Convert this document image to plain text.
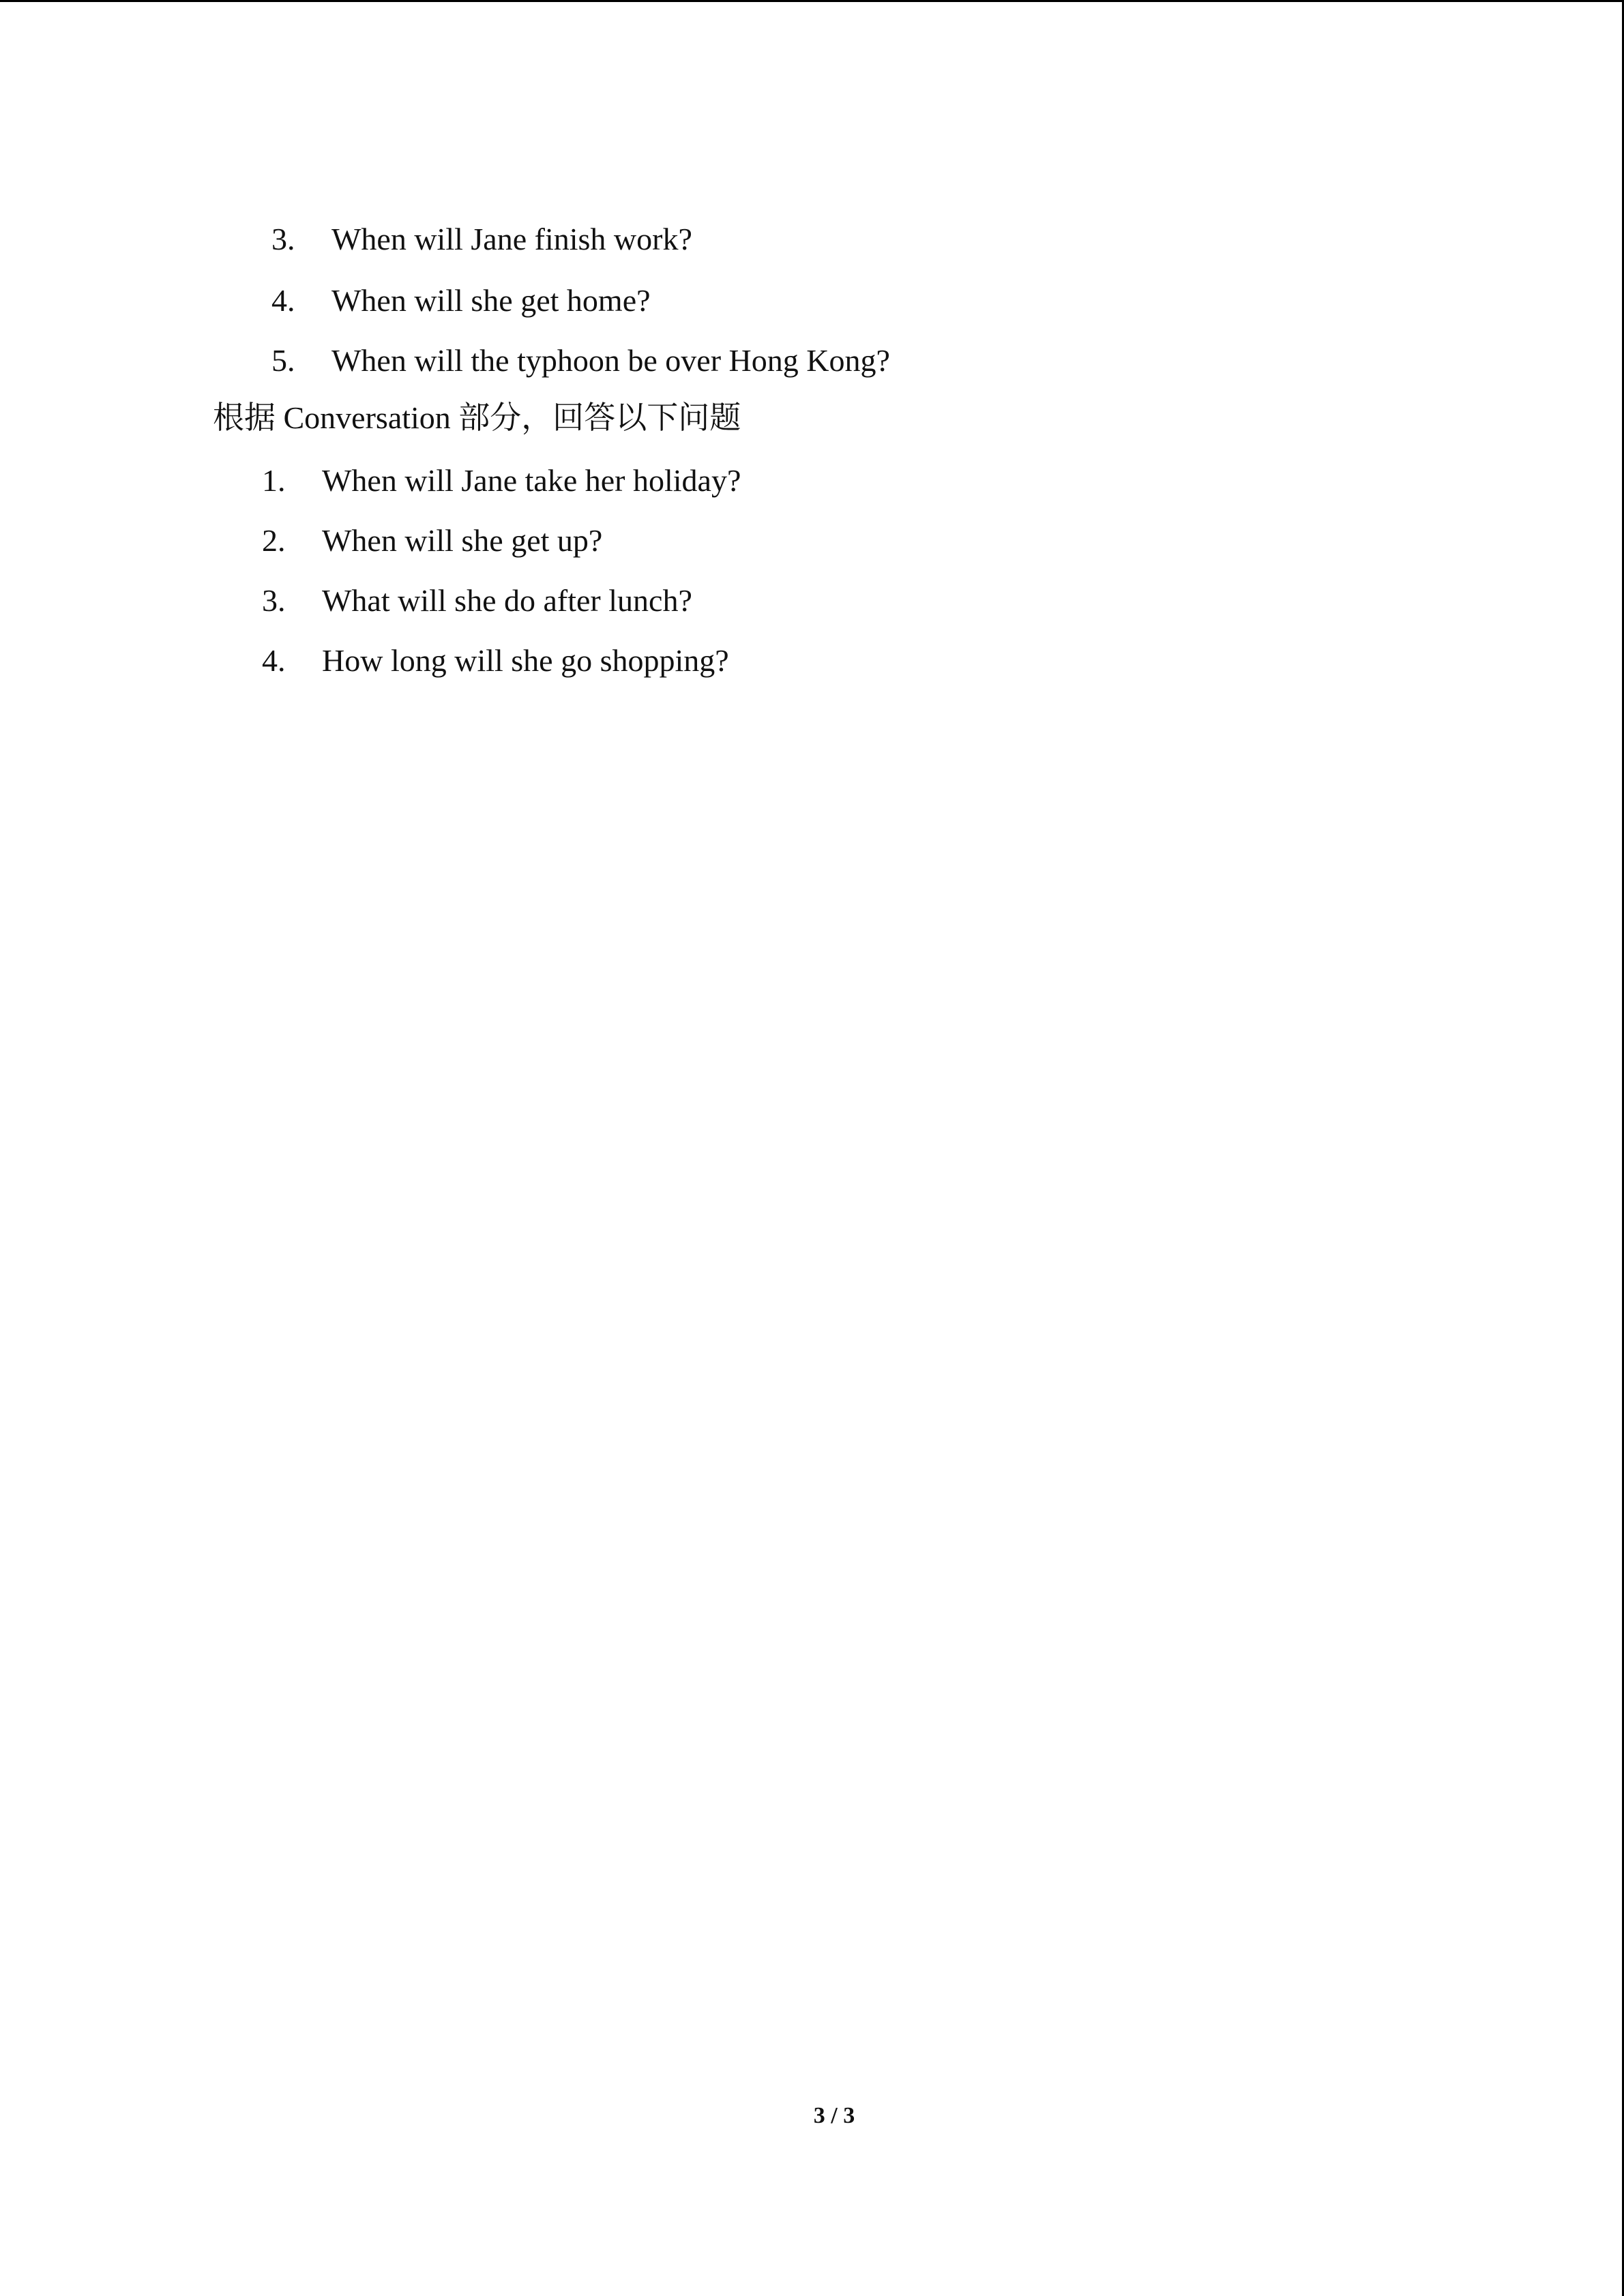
3. When will Jane finish work?
4. When will she get home?
5. When will the typhoon be over Hong Kong?
根据 Conversation 部分，回答以下问题
1. When will Jane take her holiday?
2. When will she get up?
3. What will she do after lunch?
4. How long will she go shopping?
3 / 3
